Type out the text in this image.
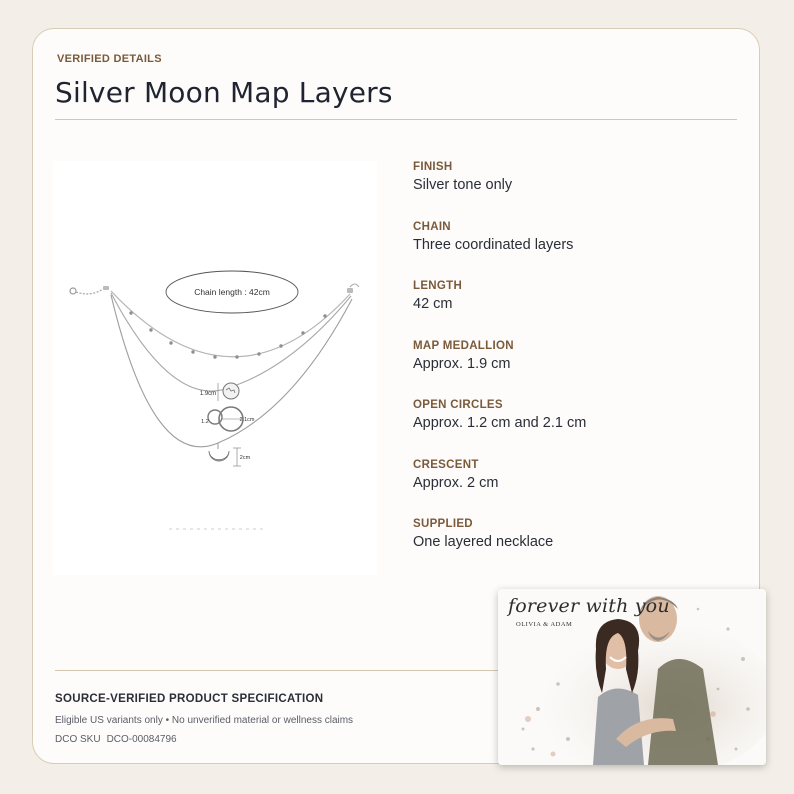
VERIFIED DETAILS
Silver Moon Map Layers
Chain length : 42cm
1.9cm
1.2	2.1cm
2cm
FINISH
Silver tone only
CHAIN
Three coordinated layers
LENGTH
42 cm
MAP MEDALLION
Approx. 1.9 cm
OPEN CIRCLES
Approx. 1.2 cm and 2.1 cm
CRESCENT
Approx. 2 cm
SUPPLIED
One layered necklace
SOURCE-VERIFIED PRODUCT SPECIFICATION
Eligible US variants only • No unverified material or wellness claims
DCO SKU DCO-00084796
forever with you
OLIVIA & ADAM
